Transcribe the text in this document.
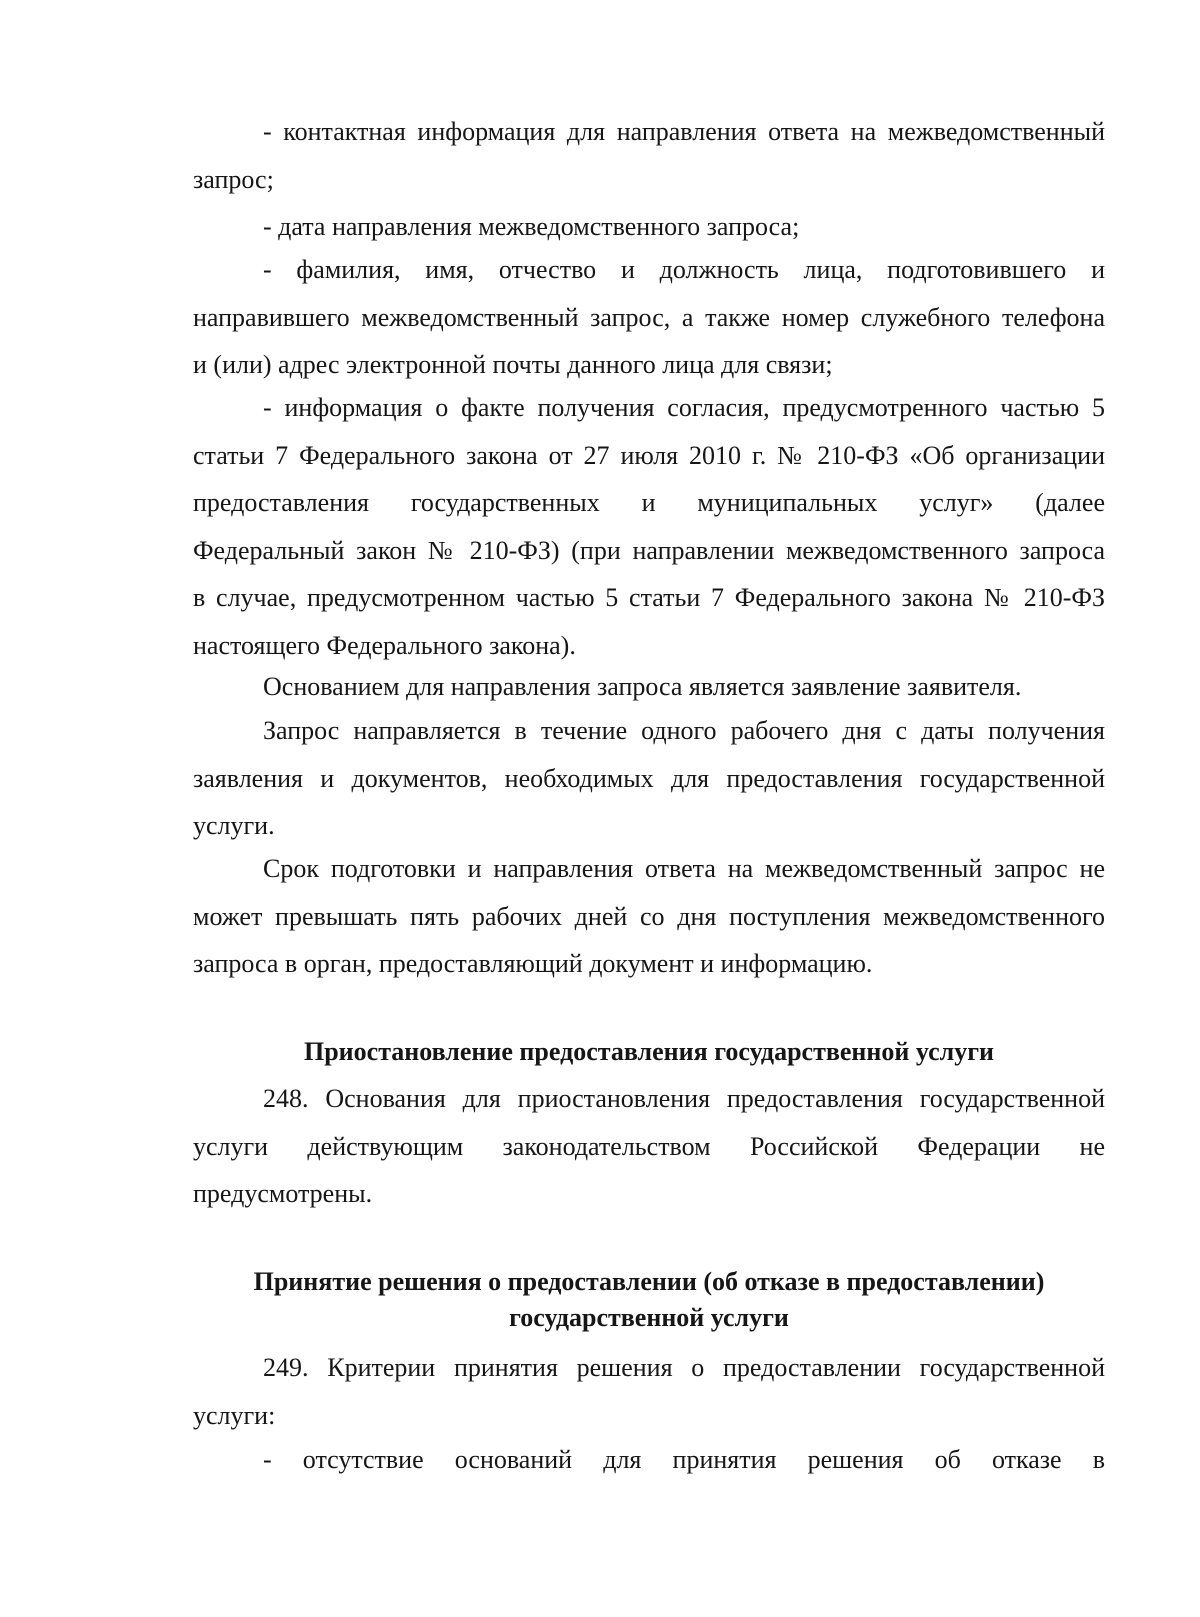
- контактная информация для направления ответа на межведомственный
запрос;
- дата направления межведомственного запроса;
- фамилия, имя, отчество и должность лица, подготовившего и
направившего межведомственный запрос, а также номер служебного телефона
и (или) адрес электронной почты данного лица для связи;
- информация о факте получения согласия, предусмотренного частью 5
статьи 7 Федерального закона от 27 июля 2010 г. № 210-ФЗ «Об организации
предоставления государственных и муниципальных услуг» (далее
Федеральный закон № 210-ФЗ) (при направлении межведомственного запроса
в случае, предусмотренном частью 5 статьи 7 Федерального закона № 210-ФЗ
настоящего Федерального закона).
Основанием для направления запроса является заявление заявителя.
Запрос направляется в течение одного рабочего дня с даты получения
заявления и документов, необходимых для предоставления государственной
услуги.
Срок подготовки и направления ответа на межведомственный запрос не
может превышать пять рабочих дней со дня поступления межведомственного
запроса в орган, предоставляющий документ и информацию.
Приостановление предоставления государственной услуги
248. Основания для приостановления предоставления государственной
услуги действующим законодательством Российской Федерации не
предусмотрены.
Принятие решения о предоставлении (об отказе в предоставлении)
государственной услуги
249. Критерии принятия решения о предоставлении государственной
услуги:
- отсутствие оснований для принятия решения об отказе в
